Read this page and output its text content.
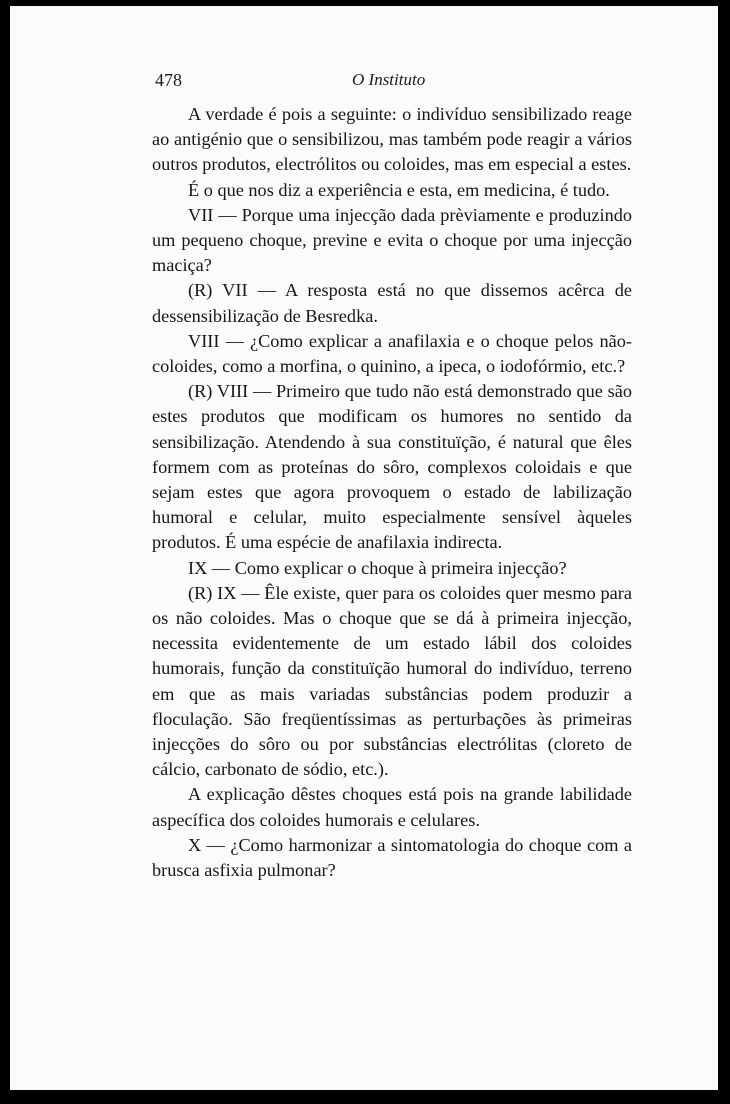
478	O Instituto

A verdade é pois a seguinte: o indivíduo sensibilizado reage ao antigénio que o sensibilizou, mas também pode reagir a vários outros produtos, electrólitos ou coloides, mas em especial a estes.

É o que nos diz a experiência e esta, em medicina, é tudo.

VII — Porque uma injecção dada prèviamente e produzindo um pequeno choque, previne e evita o choque por uma injecção maciça?

(R) VII — A resposta está no que dissemos acêrca de dessensibilização de Besredka.

VIII — ¿Como explicar a anafilaxia e o choque pelos não-coloides, como a morfina, o quinino, a ipeca, o iodofórmio, etc.?

(R) VIII — Primeiro que tudo não está demonstrado que são estes produtos que modificam os humores no sentido da sensibilização. Atendendo à sua constituïção, é natural que êles formem com as proteínas do sôro, complexos coloidais e que sejam estes que agora provoquem o estado de labilização humoral e celular, muito especialmente sensível àqueles produtos. É uma espécie de anafilaxia indirecta.

IX — Como explicar o choque à primeira injecção?

(R) IX — Êle existe, quer para os coloides quer mesmo para os não coloides. Mas o choque que se dá à primeira injecção, necessita evidentemente de um estado lábil dos coloides humorais, função da constituïção humoral do indivíduo, terreno em que as mais variadas substâncias podem produzir a floculação. São freqüentíssimas as perturbações às primeiras injecções do sôro ou por substâncias electrólitas (cloreto de cálcio, carbonato de sódio, etc.).

A explicação dêstes choques está pois na grande labilidade aspecífica dos coloides humorais e celulares.

X — ¿Como harmonizar a sintomatologia do choque com a brusca asfixia pulmonar?
